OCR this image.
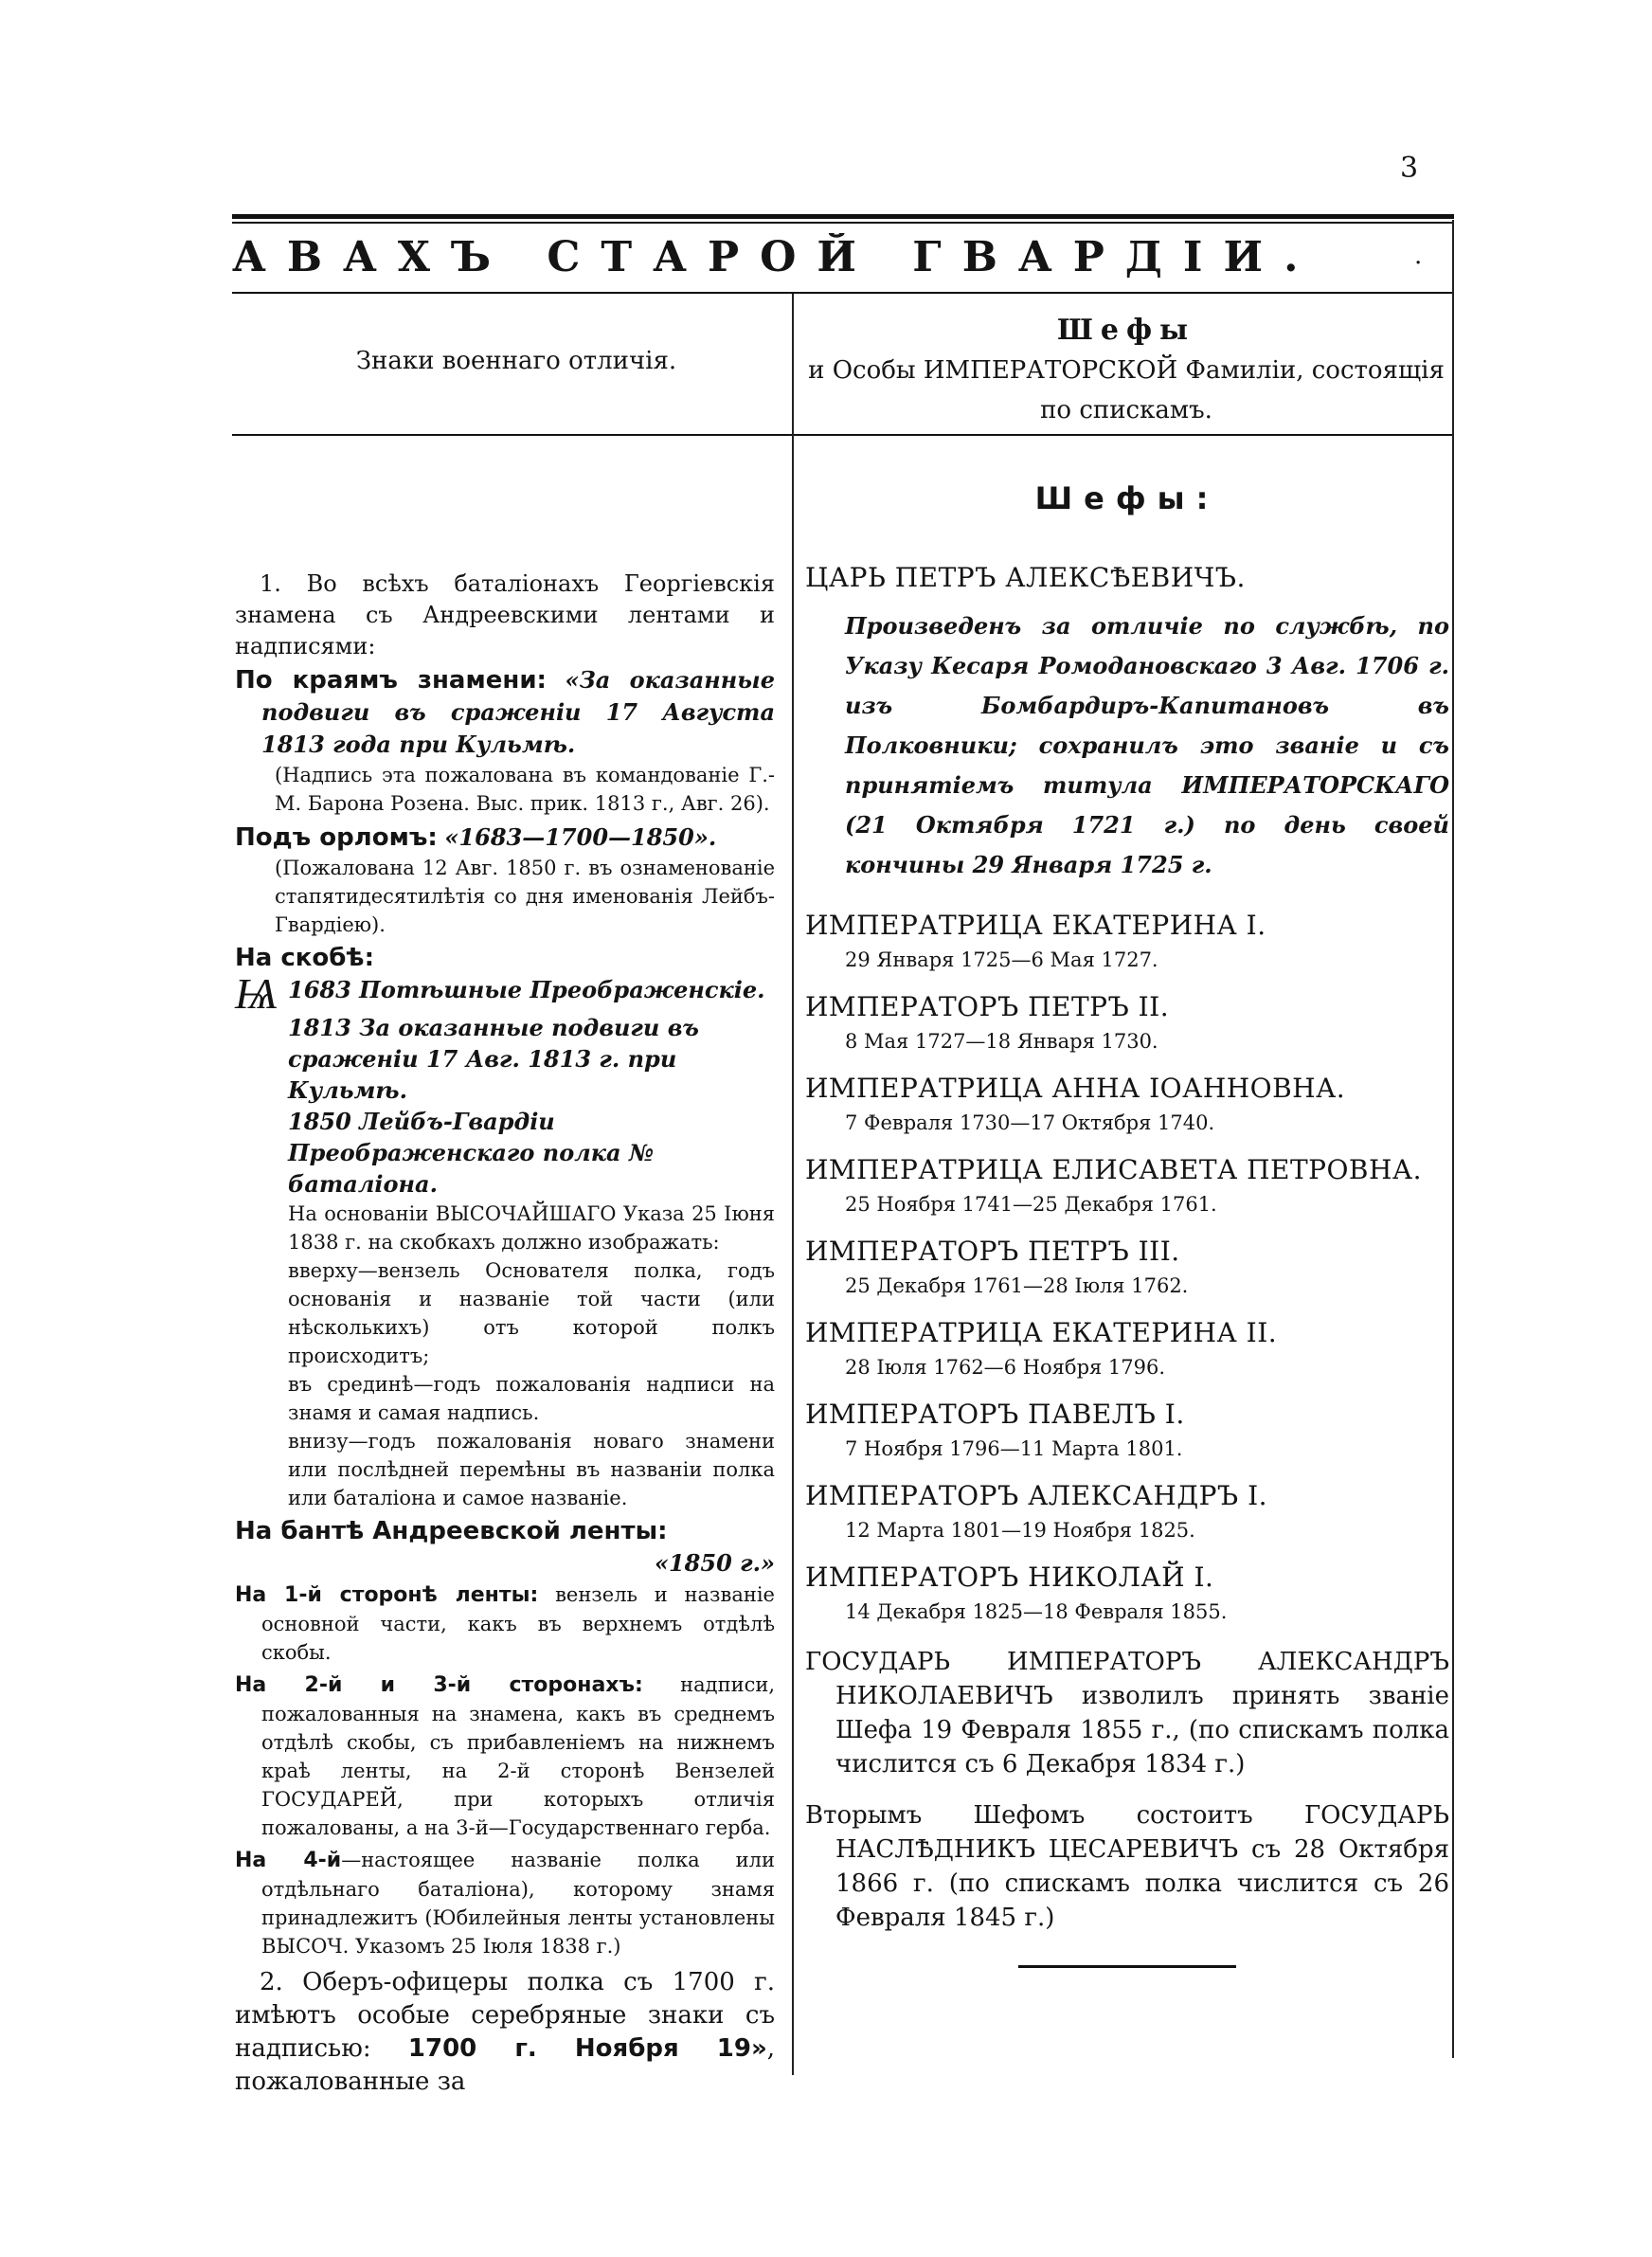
3
АВАХЪ СТАРОЙ ГВАРДІИ.	.
Знаки военнаго отличія.
Шефы
и Особы ИМПЕРАТОРСКОЙ Фамиліи, состоящія
по спискамъ.

1. Во всѣхъ баталіонахъ Георгіевскія знамена съ Андреевскими лентами и надписями:

По краямъ знамени: «За оказанные подвиги въ сраженіи 17 Августа 1813 года при Кульмѣ.

(Надпись эта пожалована въ командованіе Г.-М. Барона Розена. Выс. прик. 1813 г., Авг. 26).

Подъ орломъ: «1683—1700—1850».

(Пожалована 12 Авг. 1850 г. въ ознаменованіе стапятидесятилѣтія со дня именованія Лейбъ-Гвардіею).

На скобѣ:

Ѩ 1683 Потѣшные Преображенскіе.

1813 За оказанные подвиги въ сраженіи 17 Авг. 1813 г. при Кульмѣ.

1850 Лейбъ-Гвардіи Преображенскаго полка № баталіона.

На основаніи ВЫСОЧАЙШАГО Указа 25 Іюня 1838 г. на скобкахъ должно изображать:

вверху—вензель Основателя полка, годъ основанія и названіе той части (или нѣсколькихъ) отъ которой полкъ происходитъ;

въ срединѣ—годъ пожалованія надписи на знамя и самая надпись.

внизу—годъ пожалованія новаго знамени или послѣдней перемѣны въ названіи полка или баталіона и самое названіе.

На бантѣ Андреевской ленты:

«1850 г.»

На 1-й сторонѣ ленты: вензель и названіе основной части, какъ въ верхнемъ отдѣлѣ скобы.

На 2-й и 3-й сторонахъ: надписи, пожалованныя на знамена, какъ въ среднемъ отдѣлѣ скобы, съ прибавленіемъ на нижнемъ краѣ ленты, на 2-й сторонѣ Вензелей ГОСУДАРЕЙ, при которыхъ отличія пожалованы, а на 3-й—Государственнаго герба.

На 4-й—настоящее названіе полка или отдѣльнаго баталіона), которому знамя принадлежитъ (Юбилейныя ленты установлены ВЫСОЧ. Указомъ 25 Іюля 1838 г.)

2. Оберъ-офицеры полка съ 1700 г. имѣютъ особые серебряные знаки съ надписью: 1700 г. Ноября 19», пожалованные за

Шефы:

ЦАРЬ ПЕТРЪ АЛЕКСѢЕВИЧЪ.

Произведенъ за отличіе по службѣ, по Указу Кесаря Ромодановскаго 3 Авг. 1706 г. изъ Бомбардиръ-Капитановъ въ Полковники; сохранилъ это званіе и съ принятіемъ титула ИМПЕРАТОРСКАГО (21 Октября 1721 г.) по день своей кончины 29 Января 1725 г.

ИМПЕРАТРИЦА ЕКАТЕРИНА I.

29 Января 1725—6 Мая 1727.

ИМПЕРАТОРЪ ПЕТРЪ II.

8 Мая 1727—18 Января 1730.

ИМПЕРАТРИЦА АННА ІОАННОВНА.

7 Февраля 1730—17 Октября 1740.

ИМПЕРАТРИЦА ЕЛИСАВЕТА ПЕТРОВНА.

25 Ноября 1741—25 Декабря 1761.

ИМПЕРАТОРЪ ПЕТРЪ III.

25 Декабря 1761—28 Іюля 1762.

ИМПЕРАТРИЦА ЕКАТЕРИНА II.

28 Іюля 1762—6 Ноября 1796.

ИМПЕРАТОРЪ ПАВЕЛЪ I.

7 Ноября 1796—11 Марта 1801.

ИМПЕРАТОРЪ АЛЕКСАНДРЪ I.

12 Марта 1801—19 Ноября 1825.

ИМПЕРАТОРЪ НИКОЛАЙ I.

14 Декабря 1825—18 Февраля 1855.

ГОСУДАРЬ ИМПЕРАТОРЪ АЛЕКСАНДРЪ НИКОЛАЕВИЧЪ изволилъ принять званіе Шефа 19 Февраля 1855 г., (по спискамъ полка числится съ 6 Декабря 1834 г.)

Вторымъ Шефомъ состоитъ ГОСУДАРЬ НАСЛѢДНИКЪ ЦЕСАРЕВИЧЪ съ 28 Октября 1866 г. (по спискамъ полка числится съ 26 Февраля 1845 г.)
